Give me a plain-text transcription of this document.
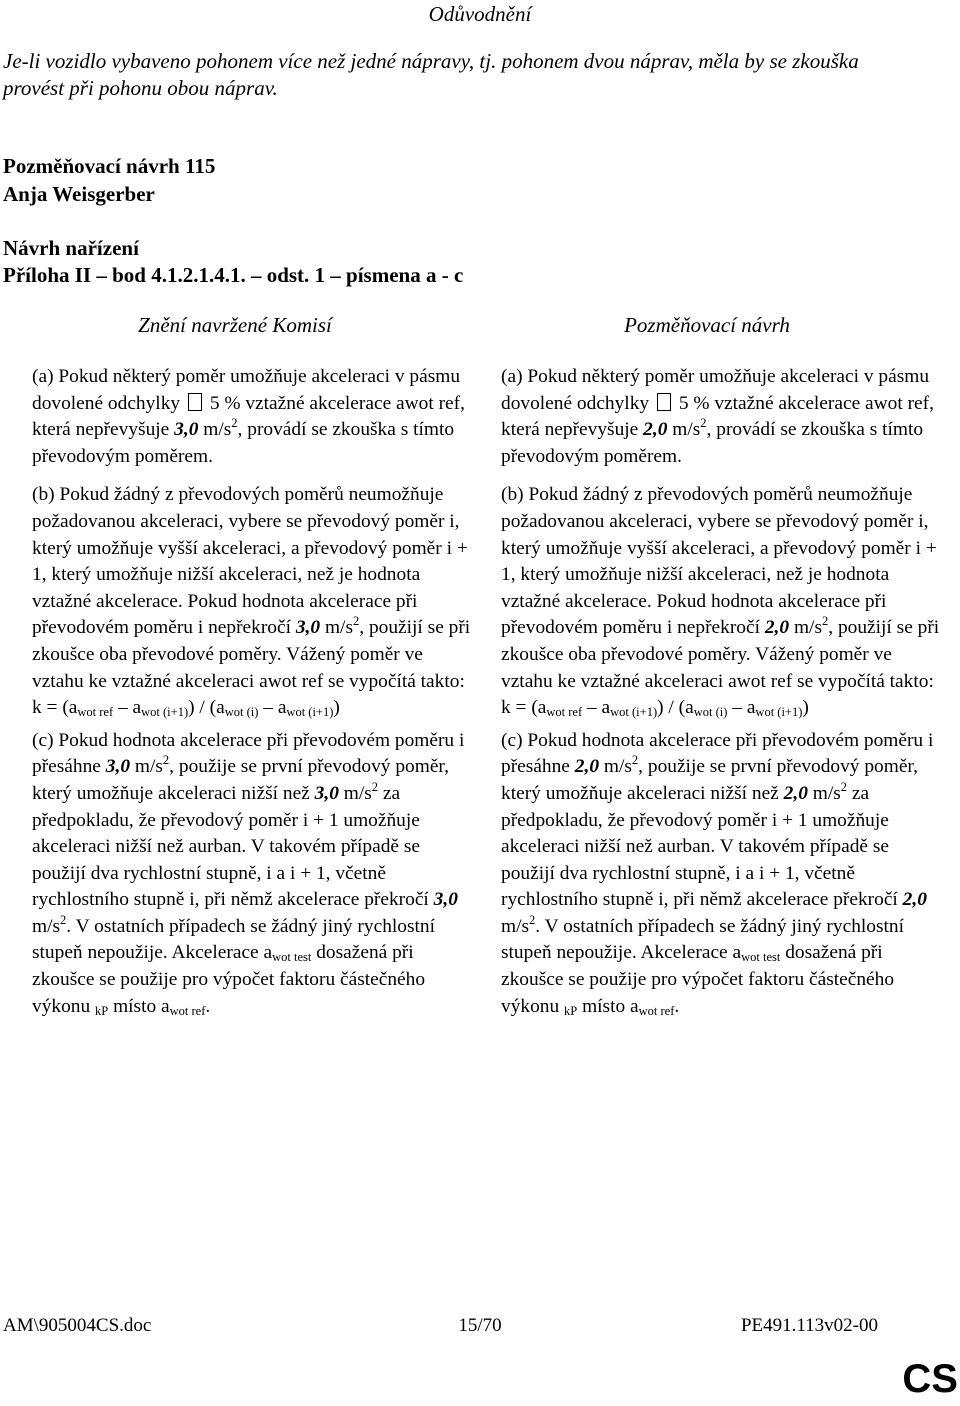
Odůvodnění
Je-li vozidlo vybaveno pohonem více než jedné nápravy, tj. pohonem dvou náprav, měla by se zkouška provést při pohonu obou náprav.
Pozměňovací návrh 115
Anja Weisgerber
Návrh nařízení
Příloha II – bod 4.1.2.1.4.1. – odst. 1 – písmena a - c
Znění navržené Komisí	Pozměňovací návrh

(a) Pokud některý poměr umožňuje akceleraci v pásmu dovolené odchylky 5 % vztažné akcelerace awot ref, která nepřevyšuje 3,0 $m/s^2$, provádí se zkouška s tímto převodovým poměrem.

(b) Pokud žádný z převodových poměrů neumožňuje požadovanou akceleraci, vybere se převodový poměr i, který umožňuje vyšší akceleraci, a převodový poměr i + 1, který umožňuje nižší akceleraci, než je hodnota vztažné akcelerace. Pokud hodnota akcelerace při převodovém poměru i nepřekročí 3,0 $m/s^2$, použijí se při zkoušce oba převodové poměry. Vážený poměr ve vztahu ke vztažné akceleraci awot ref se vypočítá takto: $k = (a_{wot ref} - a_{wot (i+1)}) / (a_{wot (i)} - a_{wot (i+1)})$

(c) Pokud hodnota akcelerace při převodovém poměru i přesáhne 3,0 $m/s^2$, použije se první převodový poměr, který umožňuje akceleraci nižší než 3,0 $m/s^2$ za předpokladu, že převodový poměr i + 1 umožňuje akceleraci nižší než aurban. V takovém případě se použijí dva rychlostní stupně, i a i + 1, včetně rychlostního stupně i, při němž akcelerace překročí 3,0 $m/s^2$. V ostatních případech se žádný jiný rychlostní stupeň nepoužije. Akcelerace $a_{wot test}$ dosažená při zkoušce se použije pro výpočet faktoru částečného výkonu $_{kP}$ místo $a_{wot ref}$.

(a) Pokud některý poměr umožňuje akceleraci v pásmu dovolené odchylky 5 % vztažné akcelerace awot ref, která nepřevyšuje 2,0 $m/s^2$, provádí se zkouška s tímto převodovým poměrem.

(b) Pokud žádný z převodových poměrů neumožňuje požadovanou akceleraci, vybere se převodový poměr i, který umožňuje vyšší akceleraci, a převodový poměr i + 1, který umožňuje nižší akceleraci, než je hodnota vztažné akcelerace. Pokud hodnota akcelerace při převodovém poměru i nepřekročí 2,0 $m/s^2$, použijí se při zkoušce oba převodové poměry. Vážený poměr ve vztahu ke vztažné akceleraci awot ref se vypočítá takto: $k = (a_{wot ref} - a_{wot (i+1)}) / (a_{wot (i)} - a_{wot (i+1)})$

(c) Pokud hodnota akcelerace při převodovém poměru i přesáhne 2,0 $m/s^2$, použije se první převodový poměr, který umožňuje akceleraci nižší než 2,0 $m/s^2$ za předpokladu, že převodový poměr i + 1 umožňuje akceleraci nižší než aurban. V takovém případě se použijí dva rychlostní stupně, i a i + 1, včetně rychlostního stupně i, při němž akcelerace překročí 2,0 $m/s^2$. V ostatních případech se žádný jiný rychlostní stupeň nepoužije. Akcelerace $a_{wot test}$ dosažená při zkoušce se použije pro výpočet faktoru částečného výkonu $_{kP}$ místo $a_{wot ref}$.

15/70
AM\905004CS.doc	PE491.113v02-00
CS
